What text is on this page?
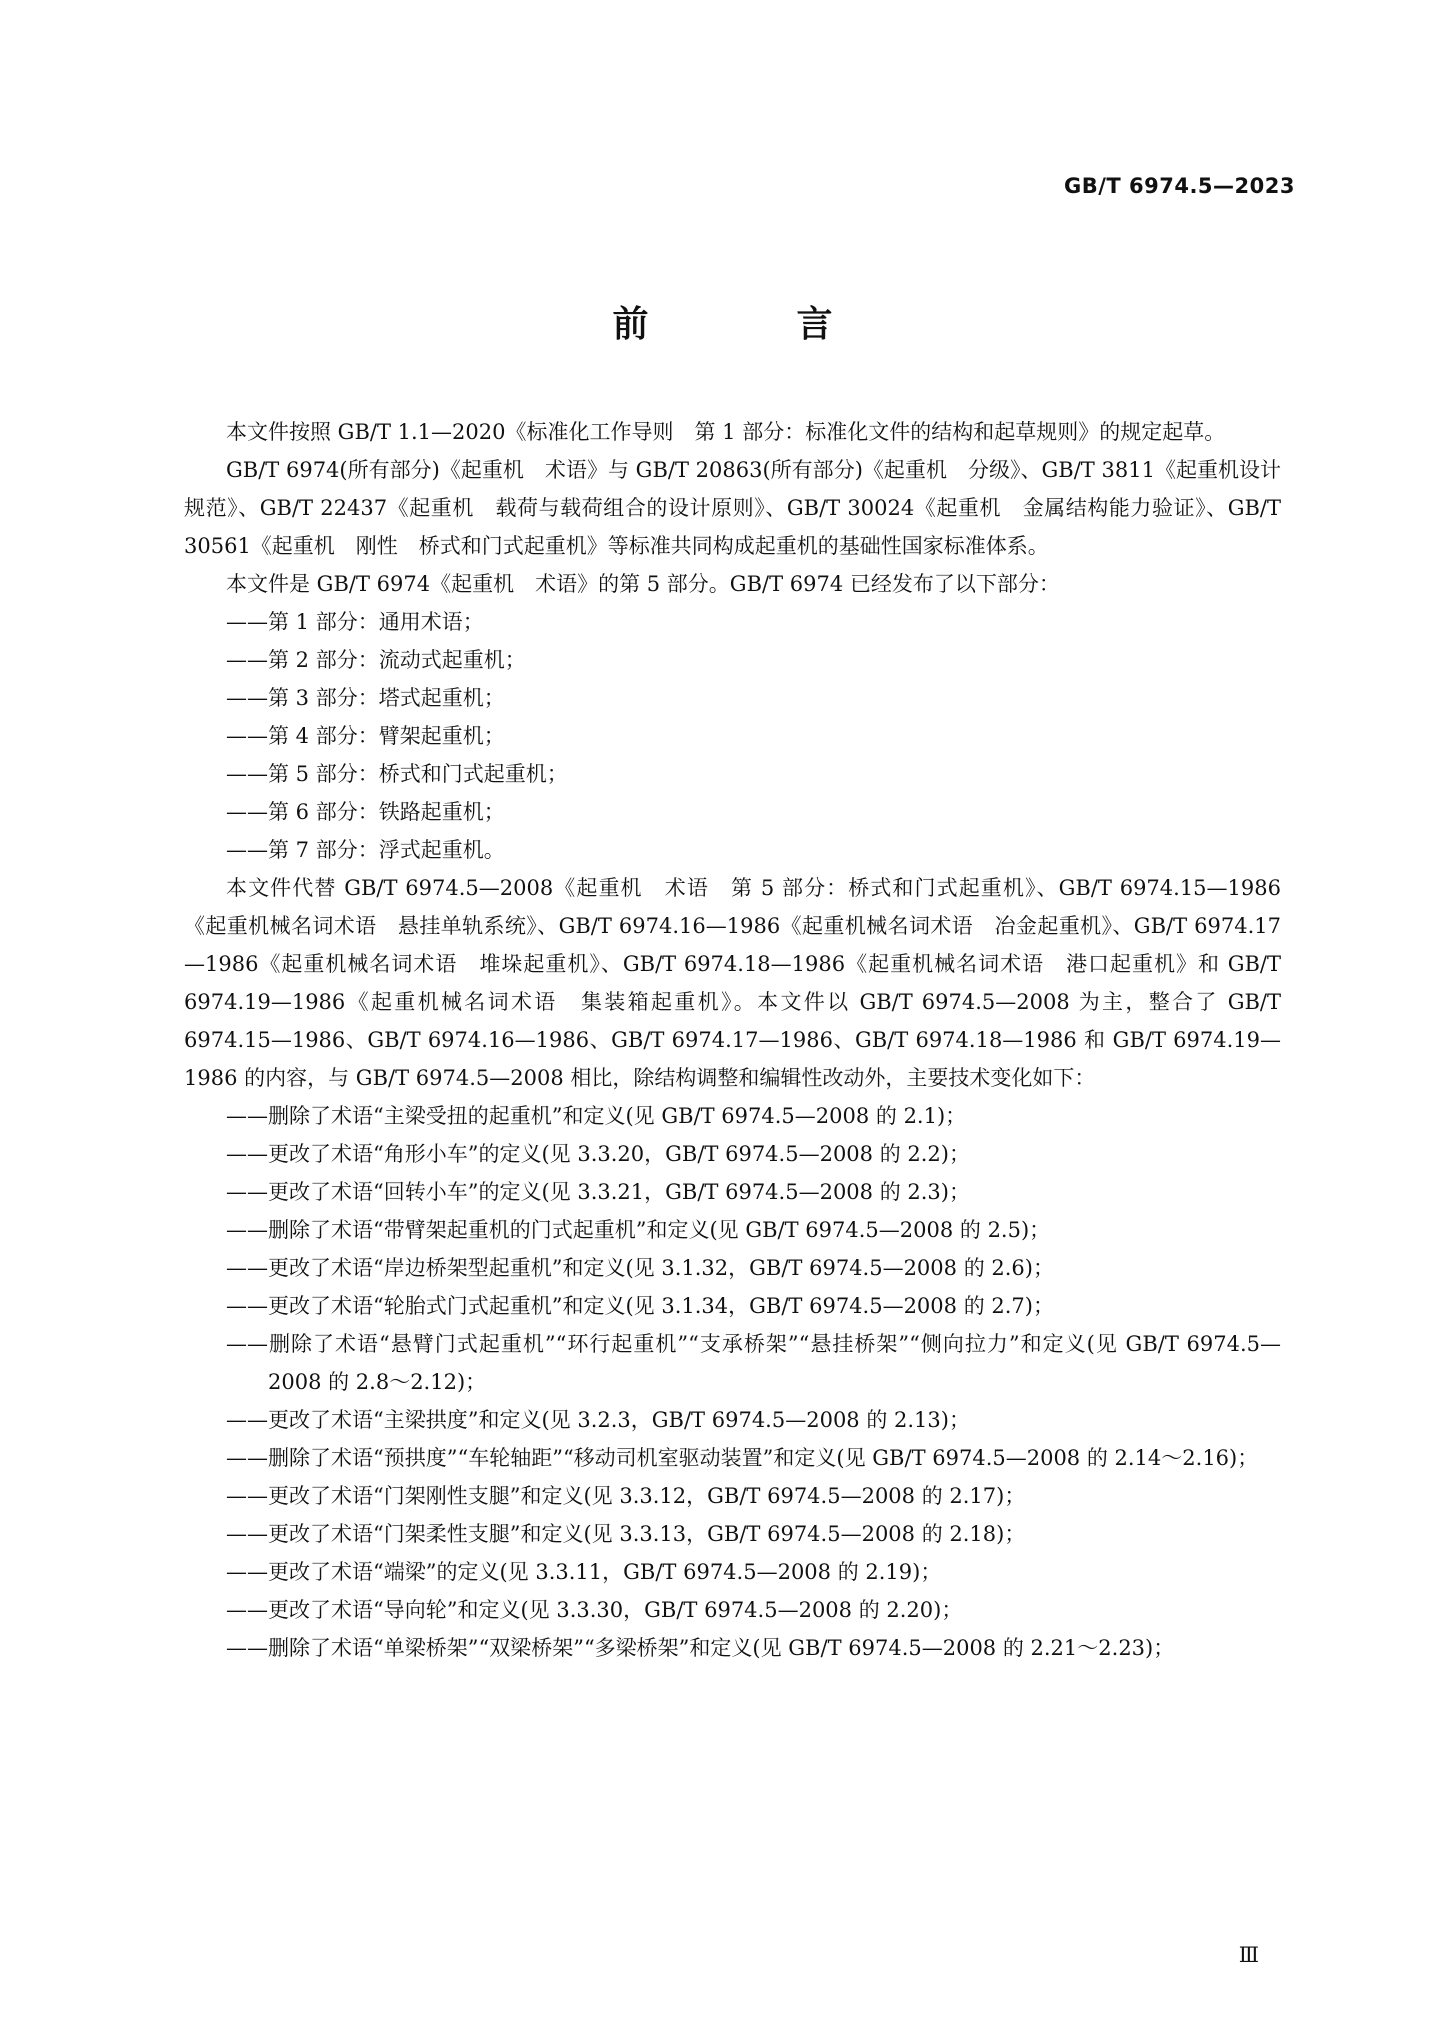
GB/T 6974.5—2023
前　言

本文件按照 GB/T 1.1—2020《标准化工作导则　第 1 部分：标准化文件的结构和起草规则》的规定起草。

GB/T 6974(所有部分)《起重机　术语》与 GB/T 20863(所有部分)《起重机　分级》、GB/T 3811《起重机设计规范》、GB/T 22437《起重机　载荷与载荷组合的设计原则》、GB/T 30024《起重机　金属结构能力验证》、GB/T 30561《起重机　刚性　桥式和门式起重机》等标准共同构成起重机的基础性国家标准体系。

本文件是 GB/T 6974《起重机　术语》的第 5 部分。GB/T 6974 已经发布了以下部分：

——第 1 部分：通用术语；

——第 2 部分：流动式起重机；

——第 3 部分：塔式起重机；

——第 4 部分：臂架起重机；

——第 5 部分：桥式和门式起重机；

——第 6 部分：铁路起重机；

——第 7 部分：浮式起重机。

本文件代替 GB/T 6974.5—2008《起重机　术语　第 5 部分：桥式和门式起重机》、GB/T 6974.15—1986《起重机械名词术语　悬挂单轨系统》、GB/T 6974.16—1986《起重机械名词术语　冶金起重机》、GB/T 6974.17—1986《起重机械名词术语　堆垛起重机》、GB/T 6974.18—1986《起重机械名词术语　港口起重机》和 GB/T 6974.19—1986《起重机械名词术语　集装箱起重机》。本文件以 GB/T 6974.5—2008 为主，整合了 GB/T 6974.15—1986、GB/T 6974.16—1986、GB/T 6974.17—1986、GB/T 6974.18—1986 和 GB/T 6974.19—1986 的内容，与 GB/T 6974.5—2008 相比，除结构调整和编辑性改动外，主要技术变化如下：

——删除了术语“主梁受扭的起重机”和定义(见 GB/T 6974.5—2008 的 2.1)；

——更改了术语“角形小车”的定义(见 3.3.20，GB/T 6974.5—2008 的 2.2)；

——更改了术语“回转小车”的定义(见 3.3.21，GB/T 6974.5—2008 的 2.3)；

——删除了术语“带臂架起重机的门式起重机”和定义(见 GB/T 6974.5—2008 的 2.5)；

——更改了术语“岸边桥架型起重机”和定义(见 3.1.32，GB/T 6974.5—2008 的 2.6)；

——更改了术语“轮胎式门式起重机”和定义(见 3.1.34，GB/T 6974.5—2008 的 2.7)；

——删除了术语“悬臂门式起重机”“环行起重机”“支承桥架”“悬挂桥架”“侧向拉力”和定义(见 GB/T 6974.5—2008 的 2.8～2.12)；

——更改了术语“主梁拱度”和定义(见 3.2.3，GB/T 6974.5—2008 的 2.13)；

——删除了术语“预拱度”“车轮轴距”“移动司机室驱动装置”和定义(见 GB/T 6974.5—2008 的 2.14～2.16)；

——更改了术语“门架刚性支腿”和定义(见 3.3.12，GB/T 6974.5—2008 的 2.17)；

——更改了术语“门架柔性支腿”和定义(见 3.3.13，GB/T 6974.5—2008 的 2.18)；

——更改了术语“端梁”的定义(见 3.3.11，GB/T 6974.5—2008 的 2.19)；

——更改了术语“导向轮”和定义(见 3.3.30，GB/T 6974.5—2008 的 2.20)；

——删除了术语“单梁桥架”“双梁桥架”“多梁桥架”和定义(见 GB/T 6974.5—2008 的 2.21～2.23)；

Ⅲ
